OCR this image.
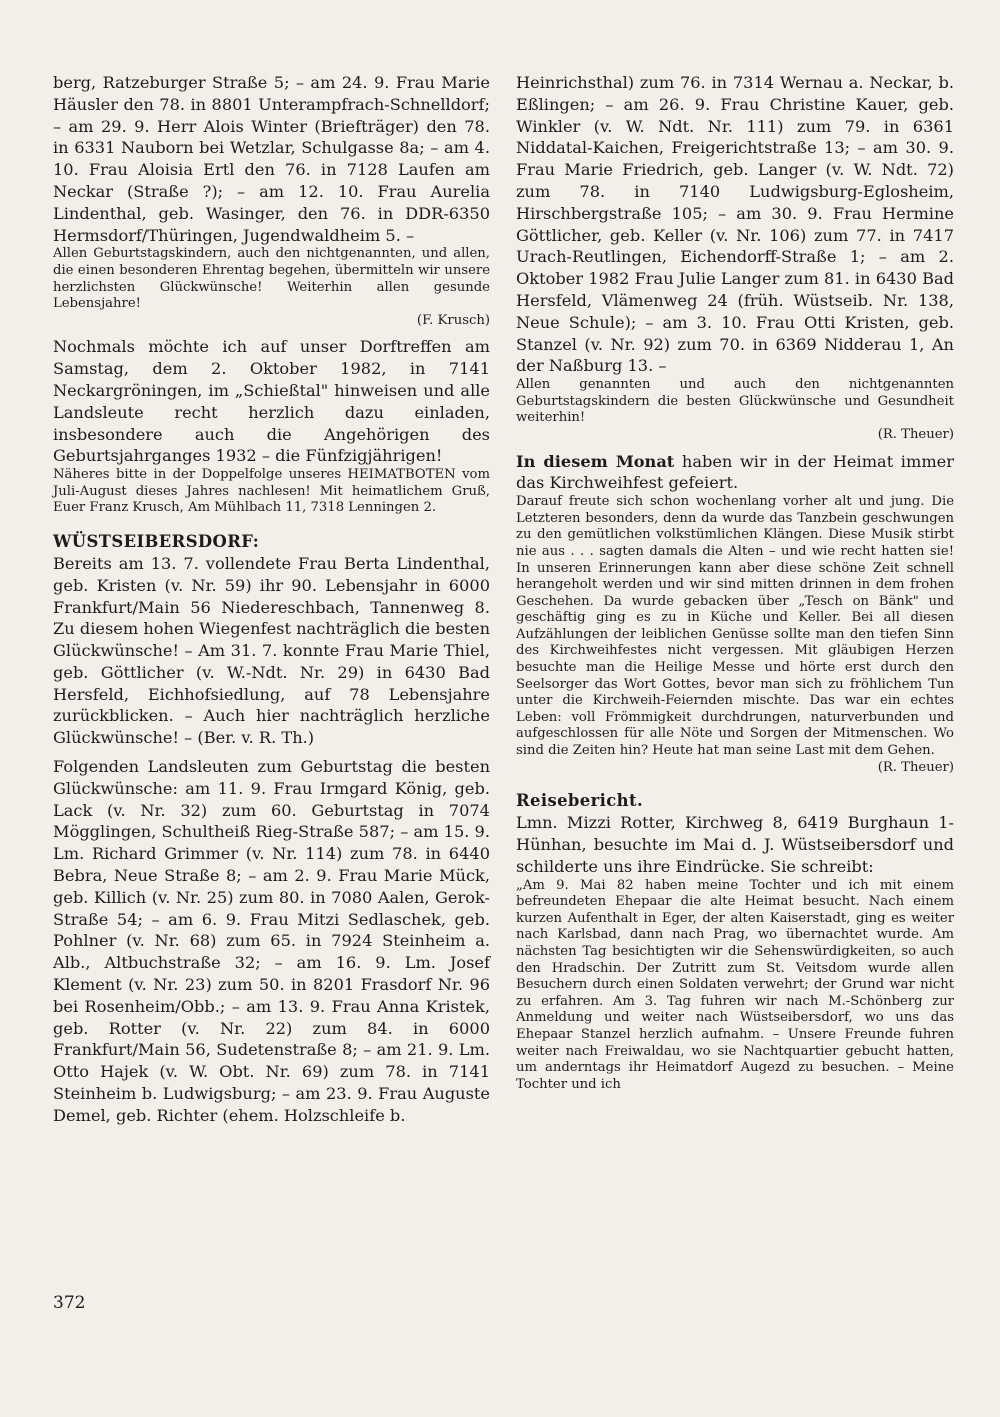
berg, Ratzeburger Straße 5; – am 24. 9. Frau Marie Häusler den 78. in 8801 Unterampfrach-Schnelldorf; – am 29. 9. Herr Alois Winter (Briefträger) den 78. in 6331 Nauborn bei Wetzlar, Schulgasse 8a; – am 4. 10. Frau Aloisia Ertl den 76. in 7128 Laufen am Neckar (Straße ?); – am 12. 10. Frau Aurelia Lindenthal, geb. Wasinger, den 76. in DDR-6350 Hermsdorf/Thüringen, Jugendwaldheim 5. –

Allen Geburtstagskindern, auch den nichtgenannten, und allen, die einen besonderen Ehrentag begehen, übermitteln wir unsere herzlichsten Glückwünsche! Weiterhin allen gesunde Lebensjahre!

(F. Krusch)

Nochmals möchte ich auf unser Dorftreffen am Samstag, dem 2. Oktober 1982, in 7141 Neckargröningen, im „Schießtal" hinweisen und alle Landsleute recht herzlich dazu einladen, insbesondere auch die Angehörigen des Geburtsjahrganges 1932 – die Fünfzigjährigen!

Näheres bitte in der Doppelfolge unseres HEIMATBOTEN vom Juli-August dieses Jahres nachlesen! Mit heimatlichem Gruß, Euer Franz Krusch, Am Mühlbach 11, 7318 Lenningen 2.

WÜSTSEIBERSDORF:

Bereits am 13. 7. vollendete Frau Berta Lindenthal, geb. Kristen (v. Nr. 59) ihr 90. Lebensjahr in 6000 Frankfurt/Main 56 Niedereschbach, Tannenweg 8. Zu diesem hohen Wiegenfest nachträglich die besten Glückwünsche! – Am 31. 7. konnte Frau Marie Thiel, geb. Göttlicher (v. W.-Ndt. Nr. 29) in 6430 Bad Hersfeld, Eichhofsiedlung, auf 78 Lebensjahre zurückblicken. – Auch hier nachträglich herzliche Glückwünsche! – (Ber. v. R. Th.)

Folgenden Landsleuten zum Geburtstag die besten Glückwünsche: am 11. 9. Frau Irmgard König, geb. Lack (v. Nr. 32) zum 60. Geburtstag in 7074 Mögglingen, Schultheiß Rieg-Straße 587; – am 15. 9. Lm. Richard Grimmer (v. Nr. 114) zum 78. in 6440 Bebra, Neue Straße 8; – am 2. 9. Frau Marie Mück, geb. Killich (v. Nr. 25) zum 80. in 7080 Aalen, Gerok-Straße 54; – am 6. 9. Frau Mitzi Sedlaschek, geb. Pohlner (v. Nr. 68) zum 65. in 7924 Steinheim a. Alb., Altbuchstraße 32; – am 16. 9. Lm. Josef Klement (v. Nr. 23) zum 50. in 8201 Frasdorf Nr. 96 bei Rosenheim/Obb.; – am 13. 9. Frau Anna Kristek, geb. Rotter (v. Nr. 22) zum 84. in 6000 Frankfurt/Main 56, Sudetenstraße 8; – am 21. 9. Lm. Otto Hajek (v. W. Obt. Nr. 69) zum 78. in 7141 Steinheim b. Ludwigsburg; – am 23. 9. Frau Auguste Demel, geb. Richter (ehem. Holzschleife b.

Heinrichsthal) zum 76. in 7314 Wernau a. Neckar, b. Eßlingen; – am 26. 9. Frau Christine Kauer, geb. Winkler (v. W. Ndt. Nr. 111) zum 79. in 6361 Niddatal-Kaichen, Freigerichtstraße 13; – am 30. 9. Frau Marie Friedrich, geb. Langer (v. W. Ndt. 72) zum 78. in 7140 Ludwigsburg-Eglosheim, Hirschbergstraße 105; – am 30. 9. Frau Hermine Göttlicher, geb. Keller (v. Nr. 106) zum 77. in 7417 Urach-Reutlingen, Eichendorff-Straße 1; – am 2. Oktober 1982 Frau Julie Langer zum 81. in 6430 Bad Hersfeld, Vlämenweg 24 (früh. Wüstseib. Nr. 138, Neue Schule); – am 3. 10. Frau Otti Kristen, geb. Stanzel (v. Nr. 92) zum 70. in 6369 Nidderau 1, An der Naßburg 13. –

Allen genannten und auch den nichtgenannten Geburtstagskindern die besten Glückwünsche und Gesundheit weiterhin!

(R. Theuer)

In diesem Monat haben wir in der Heimat immer das Kirchweihfest gefeiert.

Darauf freute sich schon wochenlang vorher alt und jung. Die Letzteren besonders, denn da wurde das Tanzbein geschwungen zu den gemütlichen volkstümlichen Klängen. Diese Musik stirbt nie aus . . . sagten damals die Alten – und wie recht hatten sie! In unseren Erinnerungen kann aber diese schöne Zeit schnell herangeholt werden und wir sind mitten drinnen in dem frohen Geschehen. Da wurde gebacken über „Tesch on Bänk" und geschäftig ging es zu in Küche und Keller. Bei all diesen Aufzählungen der leiblichen Genüsse sollte man den tiefen Sinn des Kirchweihfestes nicht vergessen. Mit gläubigen Herzen besuchte man die Heilige Messe und hörte erst durch den Seelsorger das Wort Gottes, bevor man sich zu fröhlichem Tun unter die Kirchweih-Feiernden mischte. Das war ein echtes Leben: voll Frömmigkeit durchdrungen, naturverbunden und aufgeschlossen für alle Nöte und Sorgen der Mitmenschen. Wo sind die Zeiten hin? Heute hat man seine Last mit dem Gehen.

(R. Theuer)

Reisebericht.

Lmn. Mizzi Rotter, Kirchweg 8, 6419 Burghaun 1-Hünhan, besuchte im Mai d. J. Wüstseibersdorf und schilderte uns ihre Eindrücke. Sie schreibt:

„Am 9. Mai 82 haben meine Tochter und ich mit einem befreundeten Ehepaar die alte Heimat besucht. Nach einem kurzen Aufenthalt in Eger, der alten Kaiserstadt, ging es weiter nach Karlsbad, dann nach Prag, wo übernachtet wurde. Am nächsten Tag besichtigten wir die Sehenswürdigkeiten, so auch den Hradschin. Der Zutritt zum St. Veitsdom wurde allen Besuchern durch einen Soldaten verwehrt; der Grund war nicht zu erfahren. Am 3. Tag fuhren wir nach M.-Schönberg zur Anmeldung und weiter nach Wüstseibersdorf, wo uns das Ehepaar Stanzel herzlich aufnahm. – Unsere Freunde fuhren weiter nach Freiwaldau, wo sie Nachtquartier gebucht hatten, um anderntags ihr Heimatdorf Augezd zu besuchen. – Meine Tochter und ich

372
